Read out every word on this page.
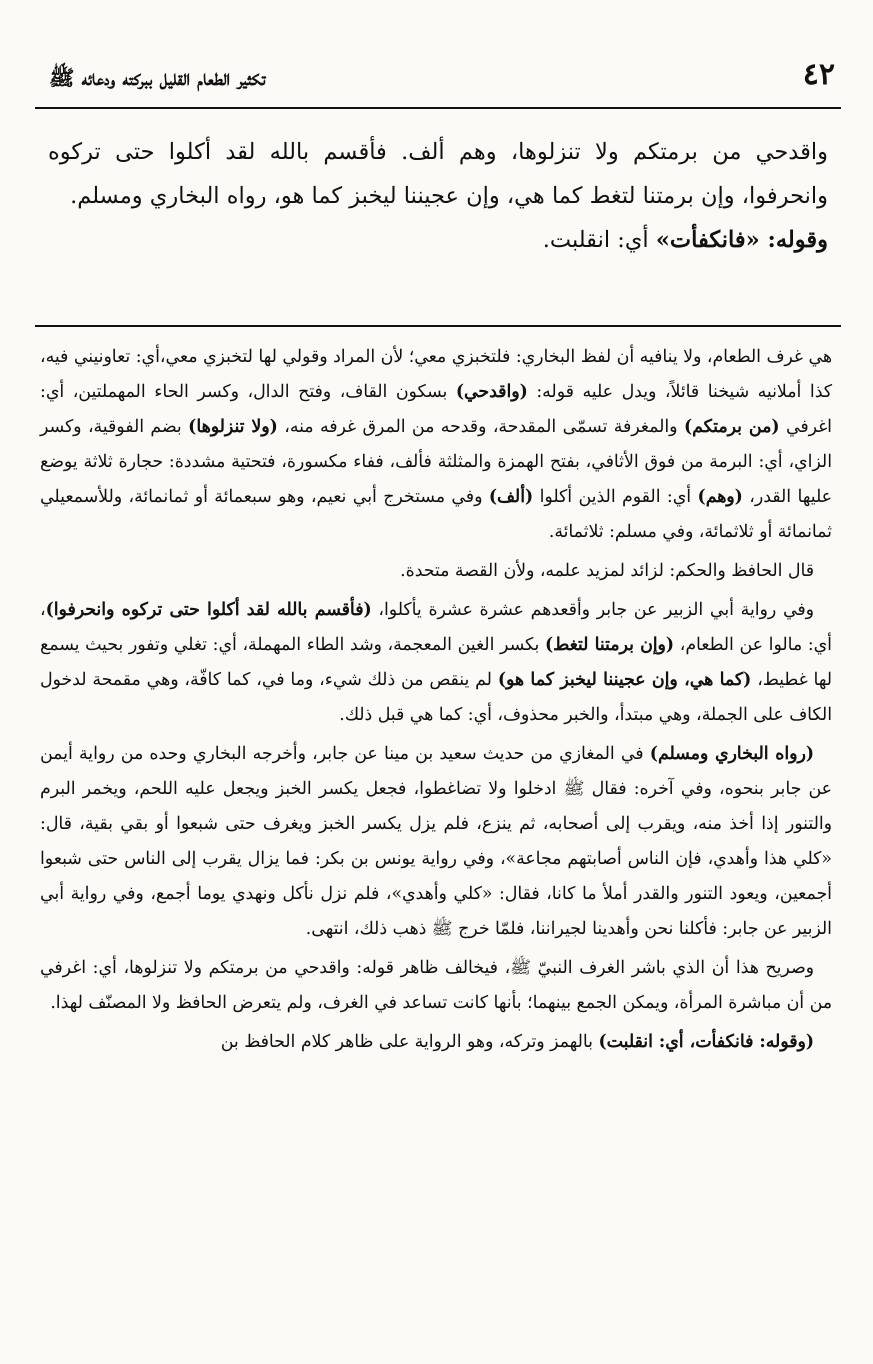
٤٢
تكثير الطعام القليل ببركته ودعائه ﷺ

واقدحي من برمتكم ولا تنزلوها، وهم ألف. فأقسم بالله لقد أكلوا حتى تركوه وانحرفوا، وإن برمتنا لتغط كما هي، وإن عجيننا ليخبز كما هو، رواه البخاري ومسلم.

وقوله: «فانكفأت» أي: انقلبت.

هي غرف الطعام، ولا ينافيه أن لفظ البخاري: فلتخبزي معي؛ لأن المراد وقولي لها لتخبزي معي،أي: تعاونيني فيه، كذا أملانيه شيخنا قائلاً، ويدل عليه قوله: (واقدحي) بسكون القاف، وفتح الدال، وكسر الحاء المهملتين، أي: اغرفي (من برمتكم) والمغرفة تسمّى المقدحة، وقدحه من المرق غرفه منه، (ولا تنزلوها) بضم الفوقية، وكسر الزاي، أي: البرمة من فوق الأثافي، بفتح الهمزة والمثلثة فألف، ففاء مكسورة، فتحتية مشددة: حجارة ثلاثة يوضع عليها القدر، (وهم) أي: القوم الذين أكلوا (ألف) وفي مستخرج أبي نعيم، وهو سبعمائة أو ثمانمائة، وللأسمعيلي ثمانمائة أو ثلاثمائة، وفي مسلم: ثلاثمائة.

قال الحافظ والحكم: لزائد لمزيد علمه، ولأن القصة متحدة.

وفي رواية أبي الزبير عن جابر وأقعدهم عشرة عشرة يأكلوا، (فأقسم بالله لقد أكلوا حتى تركوه وانحرفوا)، أي: مالوا عن الطعام، (وإن برمتنا لتغط) بكسر الغين المعجمة، وشد الطاء المهملة، أي: تغلي وتفور بحيث يسمع لها غطيط، (كما هي، وإن عجيننا ليخبز كما هو) لم ينقص من ذلك شيء، وما في، كما كافّة، وهي مقمحة لدخول الكاف على الجملة، وهي مبتدأ، والخبر محذوف، أي: كما هي قبل ذلك.

(رواه البخاري ومسلم) في المغازي من حديث سعيد بن مينا عن جابر، وأخرجه البخاري وحده من رواية أيمن عن جابر بنحوه، وفي آخره: فقال ﷺ ادخلوا ولا تضاغطوا، فجعل يكسر الخبز ويجعل عليه اللحم، ويخمر البرم والتنور إذا أخذ منه، ويقرب إلى أصحابه، ثم ينزع، فلم يزل يكسر الخبز ويغرف حتى شبعوا أو بقي بقية، قال: «كلي هذا وأهدي، فإن الناس أصابتهم مجاعة»، وفي رواية يونس بن بكر: فما يزال يقرب إلى الناس حتى شبعوا أجمعين، ويعود التنور والقدر أملأ ما كانا، فقال: «كلي وأهدي»، فلم نزل نأكل ونهدي يوما أجمع، وفي رواية أبي الزبير عن جابر: فأكلنا نحن وأهدينا لجيراننا، فلمّا خرج ﷺ ذهب ذلك، انتهى.

وصريح هذا أن الذي باشر الغرف النبيّ ﷺ، فيخالف ظاهر قوله: واقدحي من برمتكم ولا تنزلوها، أي: اغرفي من أن مباشرة المرأة، ويمكن الجمع بينهما؛ بأنها كانت تساعد في الغرف، ولم يتعرض الحافظ ولا المصنّف لهذا.

(وقوله: فانكفأت، أي: انقلبت) بالهمز وتركه، وهو الرواية على ظاهر كلام الحافظ بن
